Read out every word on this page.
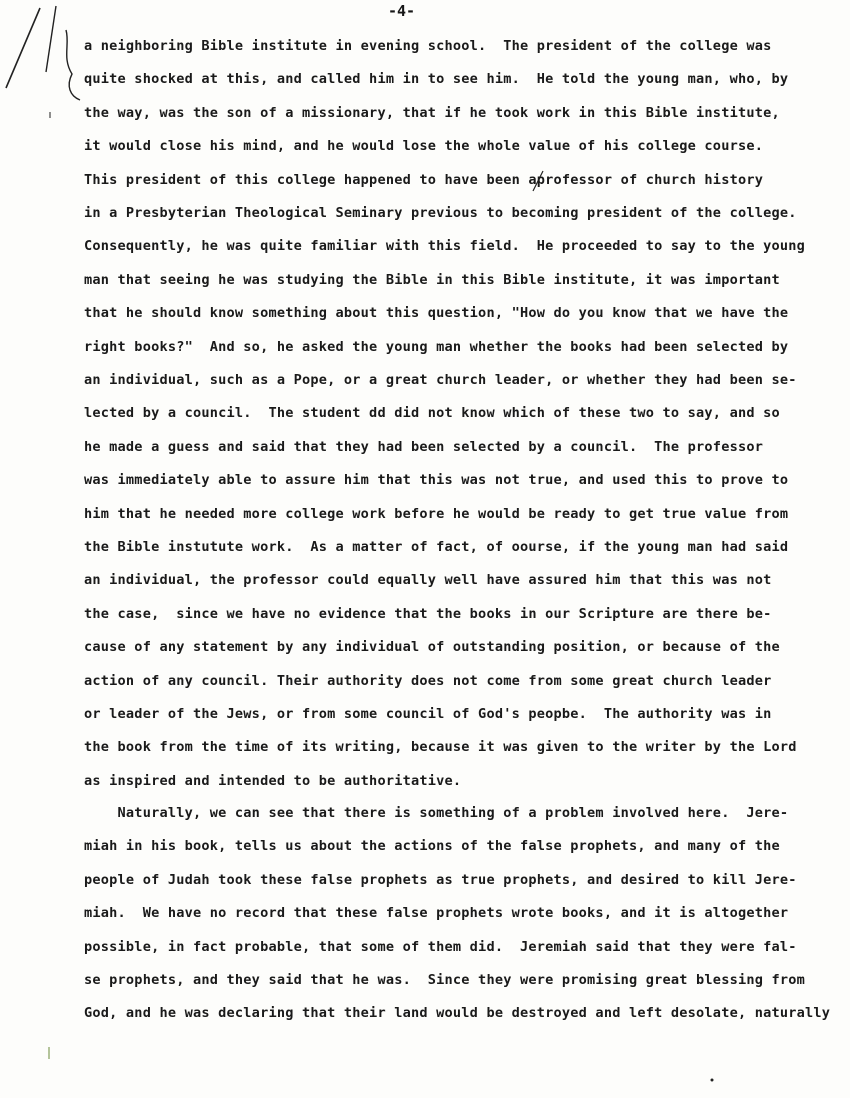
-4-
a neighboring Bible institute in evening school.  The president of the college was
quite shocked at this, and called him in to see him.  He told the young man, who, by
the way, was the son of a missionary, that if he took work in this Bible institute,
it would close his mind, and he would lose the whole value of his college course.
This president of this college happened to have been aprofessor of church history
in a Presbyterian Theological Seminary previous to becoming president of the college.
Consequently, he was quite familiar with this field.  He proceeded to say to the young
man that seeing he was studying the Bible in this Bible institute, it was important
that he should know something about this question, "How do you know that we have the
right books?"  And so, he asked the young man whether the books had been selected by
an individual, such as a Pope, or a great church leader, or whether they had been se-
lected by a council.  The student dd did not know which of these two to say, and so
he made a guess and said that they had been selected by a council.  The professor
was immediately able to assure him that this was not true, and used this to prove to
him that he needed more college work before he would be ready to get true value from
the Bible instutute work.  As a matter of fact, of oourse, if the young man had said
an individual, the professor could equally well have assured him that this was not
the case,  since we have no evidence that the books in our Scripture are there be-
cause of any statement by any individual of outstanding position, or because of the
action of any council. Their authority does not come from some great church leader
or leader of the Jews, or from some council of God's peopbe.  The authority was in
the book from the time of its writing, because it was given to the writer by the Lord
as inspired and intended to be authoritative.
Naturally, we can see that there is something of a problem involved here.  Jere-
miah in his book, tells us about the actions of the false prophets, and many of the
people of Judah took these false prophets as true prophets, and desired to kill Jere-
miah.  We have no record that these false prophets wrote books, and it is altogether
possible, in fact probable, that some of them did.  Jeremiah said that they were fal-
se prophets, and they said that he was.  Since they were promising great blessing from
God, and he was declaring that their land would be destroyed and left desolate, naturally
